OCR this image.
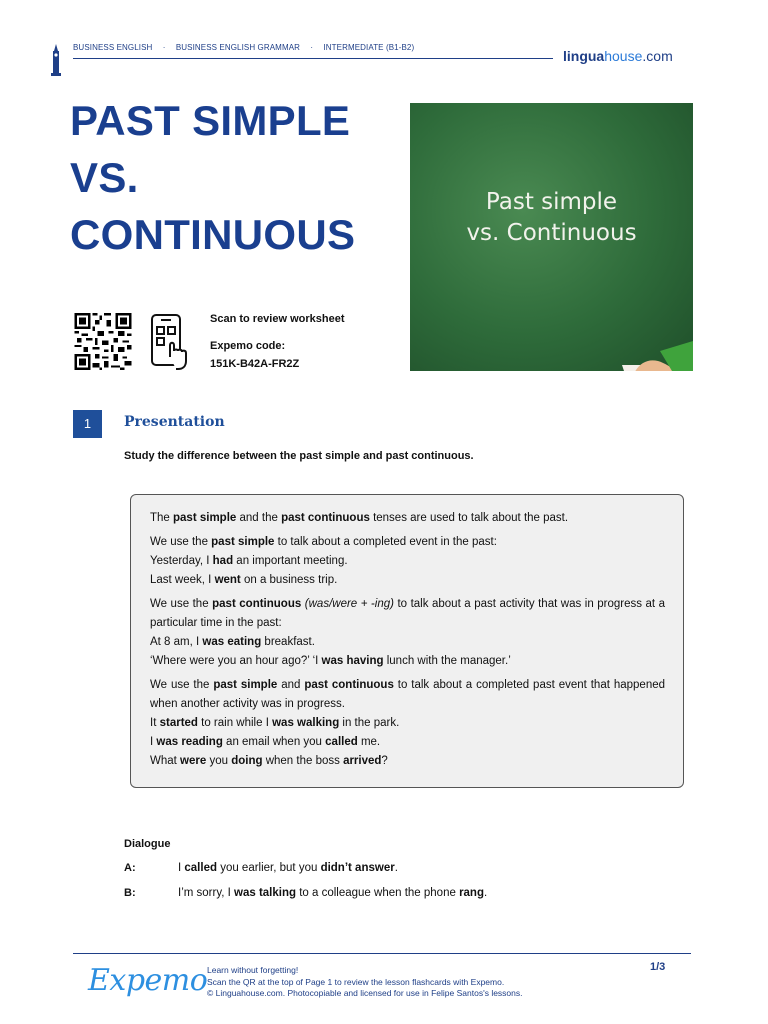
BUSINESS ENGLISH · BUSINESS ENGLISH GRAMMAR · INTERMEDIATE (B1-B2)
linguahouse.com
PAST SIMPLE
VS.
CONTINUOUS
Past simple
vs. Continuous
Scan to review worksheet
Expemo code:
151K-B42A-FR2Z
1	Presentation
Study the difference between the past simple and past continuous.

The past simple and the past continuous tenses are used to talk about the past.

We use the past simple to talk about a completed event in the past:
Yesterday, I had an important meeting.
Last week, I went on a business trip.

We use the past continuous (was/were + -ing) to talk about a past activity that was in progress at a particular time in the past:
At 8 am, I was eating breakfast.
‘Where were you an hour ago?’ ‘I was having lunch with the manager.’

We use the past simple and past continuous to talk about a completed past event that happened when another activity was in progress.
It started to rain while I was walking in the park.
I was reading an email when you called me.
What were you doing when the boss arrived?

Dialogue
A:	I called you earlier, but you didn’t answer.
B:	I’m sorry, I was talking to a colleague when the phone rang.
Expemo Learn without forgetting!
Scan the QR at the top of Page 1 to review the lesson flashcards with Expemo.
© Linguahouse.com. Photocopiable and licensed for use in Felipe Santos's lessons.
1/3
